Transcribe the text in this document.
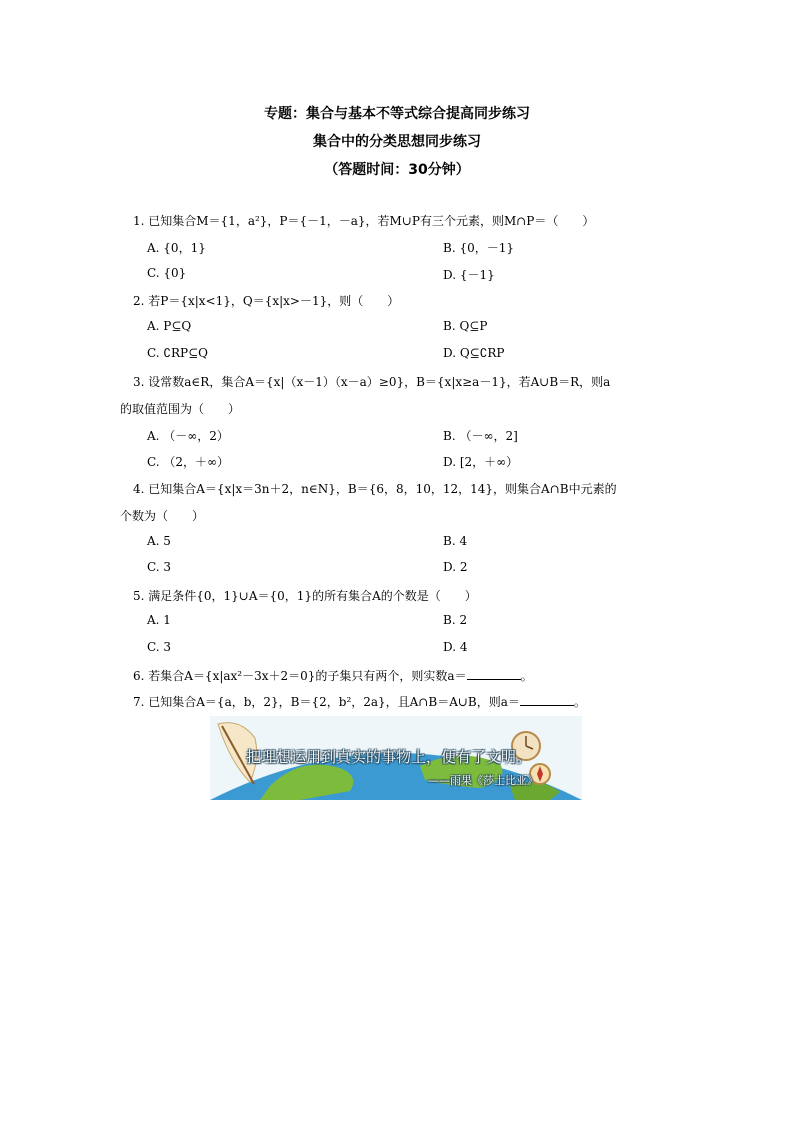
专题：集合与基本不等式综合提高同步练习
集合中的分类思想同步练习
（答题时间：30分钟）
1. 已知集合M＝{1，a²}，P＝{－1，－a}，若M∪P有三个元素，则M∩P＝（　　）
A. {0，1}	B. {0，－1}
C. {0}	D. {－1}
2. 若P＝{x|x<1}，Q＝{x|x>－1}，则（　　）
A. P⊆Q	B. Q⊆P
C. ∁RP⊆Q	D. Q⊆∁RP
3. 设常数a∈R，集合A＝{x|（x－1）（x－a）≥0}，B＝{x|x≥a－1}，若A∪B＝R，则a
的取值范围为（　　）
A. （－∞，2）	B. （－∞，2]
C. （2，＋∞）	D. [2，＋∞）
4. 已知集合A＝{x|x＝3n＋2，n∈N}，B＝{6，8，10，12，14}，则集合A∩B中元素的
个数为（　　）
A. 5	B. 4
C. 3	D. 2
5. 满足条件{0，1}∪A＝{0，1}的所有集合A的个数是（　　）
A. 1	B. 2
C. 3	D. 4
6. 若集合A＝{x|ax²－3x＋2＝0}的子集只有两个，则实数a＝	。
7. 已知集合A＝{a，b，2}，B＝{2，b²，2a}，且A∩B＝A∪B，则a＝	。
把理想运用到真实的事物上，便有了文明。
——雨果《莎士比亚》
